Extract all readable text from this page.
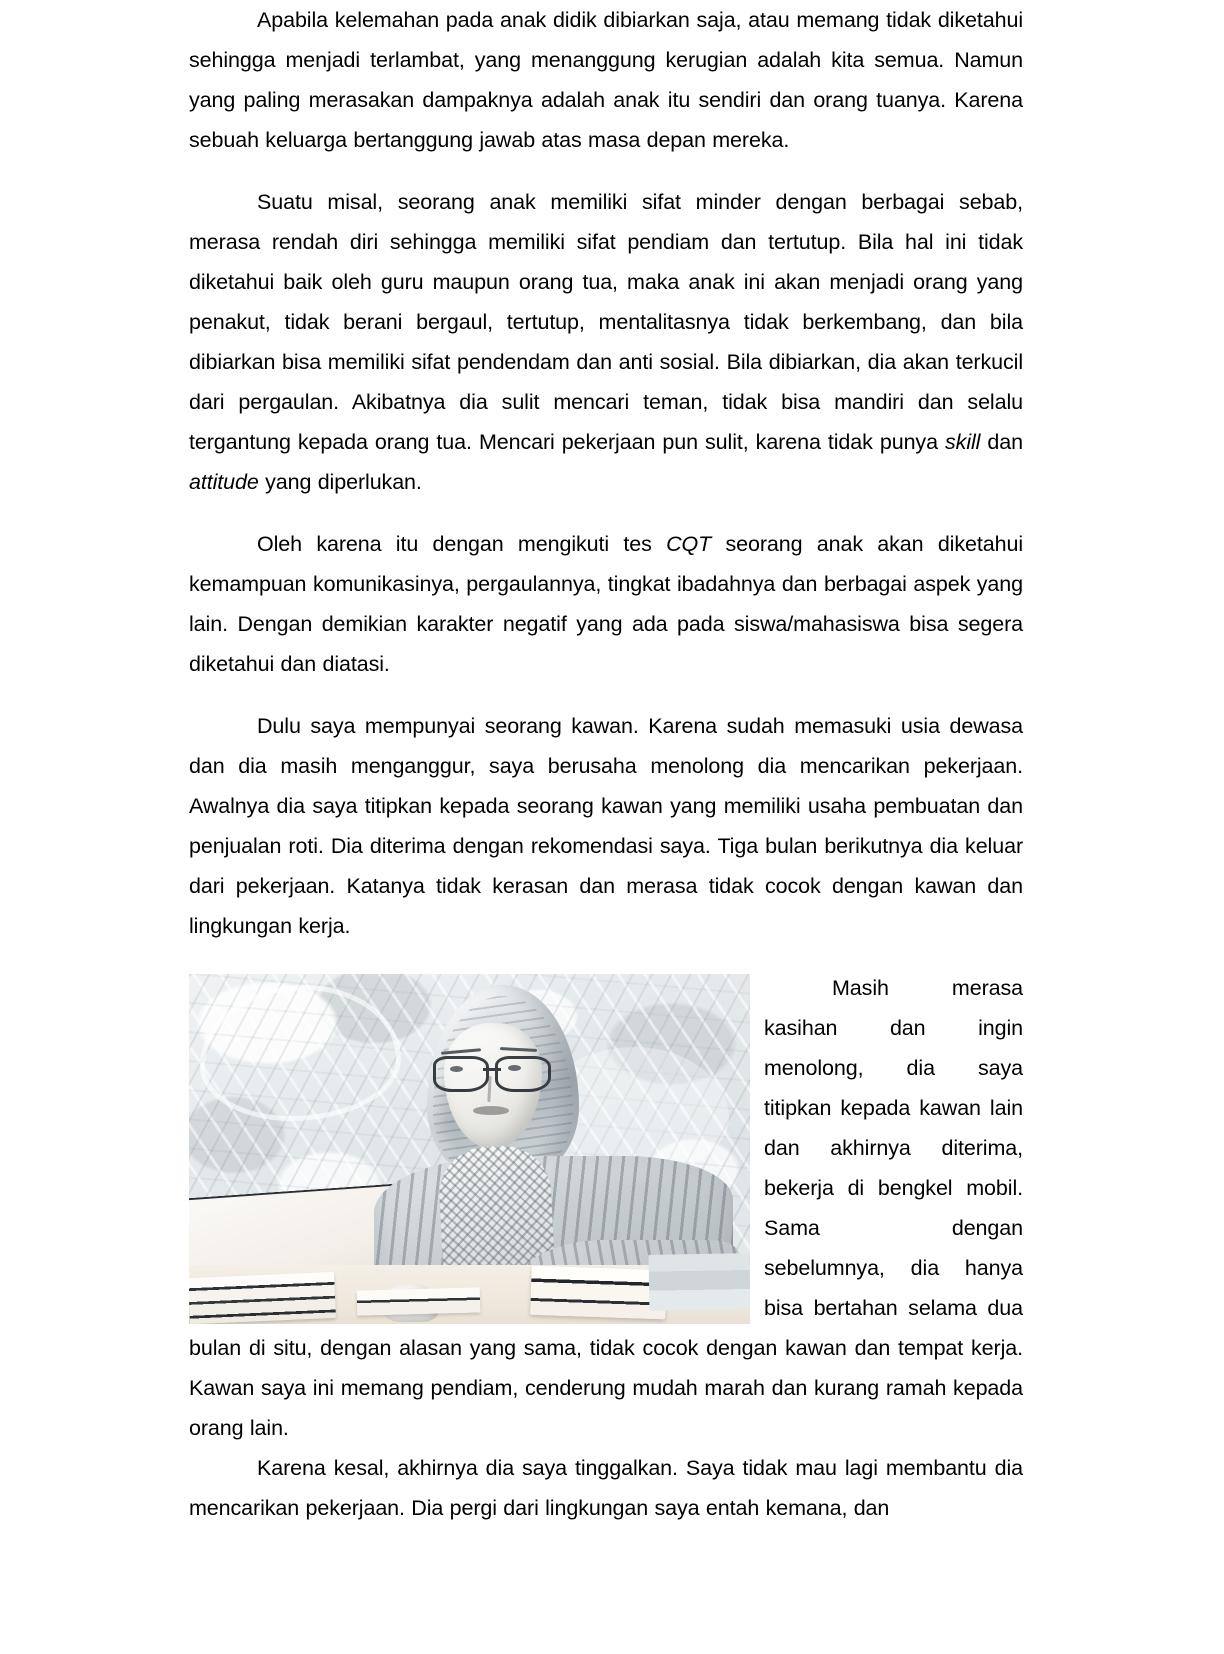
Apabila kelemahan pada anak didik dibiarkan saja, atau memang tidak diketahui sehingga menjadi terlambat, yang menanggung kerugian adalah kita semua. Namun yang paling merasakan dampaknya adalah anak itu sendiri dan orang tuanya. Karena sebuah keluarga bertanggung jawab atas masa depan mereka.

Suatu misal, seorang anak memiliki sifat minder dengan berbagai sebab, merasa rendah diri sehingga memiliki sifat pendiam dan tertutup. Bila hal ini tidak diketahui baik oleh guru maupun orang tua, maka anak ini akan menjadi orang yang penakut, tidak berani bergaul, tertutup, mentalitasnya tidak berkembang, dan bila dibiarkan bisa memiliki sifat pendendam dan anti sosial. Bila dibiarkan, dia akan terkucil dari pergaulan. Akibatnya dia sulit mencari teman, tidak bisa mandiri dan selalu tergantung kepada orang tua. Mencari pekerjaan pun sulit, karena tidak punya skill dan attitude yang diperlukan.

Oleh karena itu dengan mengikuti tes CQT seorang anak akan diketahui kemampuan komunikasinya, pergaulannya, tingkat ibadahnya dan berbagai aspek yang lain. Dengan demikian karakter negatif yang ada pada siswa/mahasiswa bisa segera diketahui dan diatasi.

Dulu saya mempunyai seorang kawan. Karena sudah memasuki usia dewasa dan dia masih menganggur, saya berusaha menolong dia mencarikan pekerjaan. Awalnya dia saya titipkan kepada seorang kawan yang memiliki usaha pembuatan dan penjualan roti. Dia diterima dengan rekomendasi saya. Tiga bulan berikutnya dia keluar dari pekerjaan. Katanya tidak kerasan dan merasa tidak cocok dengan kawan dan lingkungan kerja.

Masih merasa kasihan dan ingin menolong, dia saya titipkan kepada kawan lain dan akhirnya diterima, bekerja di bengkel mobil. Sama dengan sebelumnya, dia hanya bisa bertahan selama dua bulan di situ, dengan alasan yang sama, tidak cocok dengan kawan dan tempat kerja. Kawan saya ini memang pendiam, cenderung mudah marah dan kurang ramah kepada orang lain.

Karena kesal, akhirnya dia saya tinggalkan. Saya tidak mau lagi membantu dia mencarikan pekerjaan. Dia pergi dari lingkungan saya entah kemana, dan
